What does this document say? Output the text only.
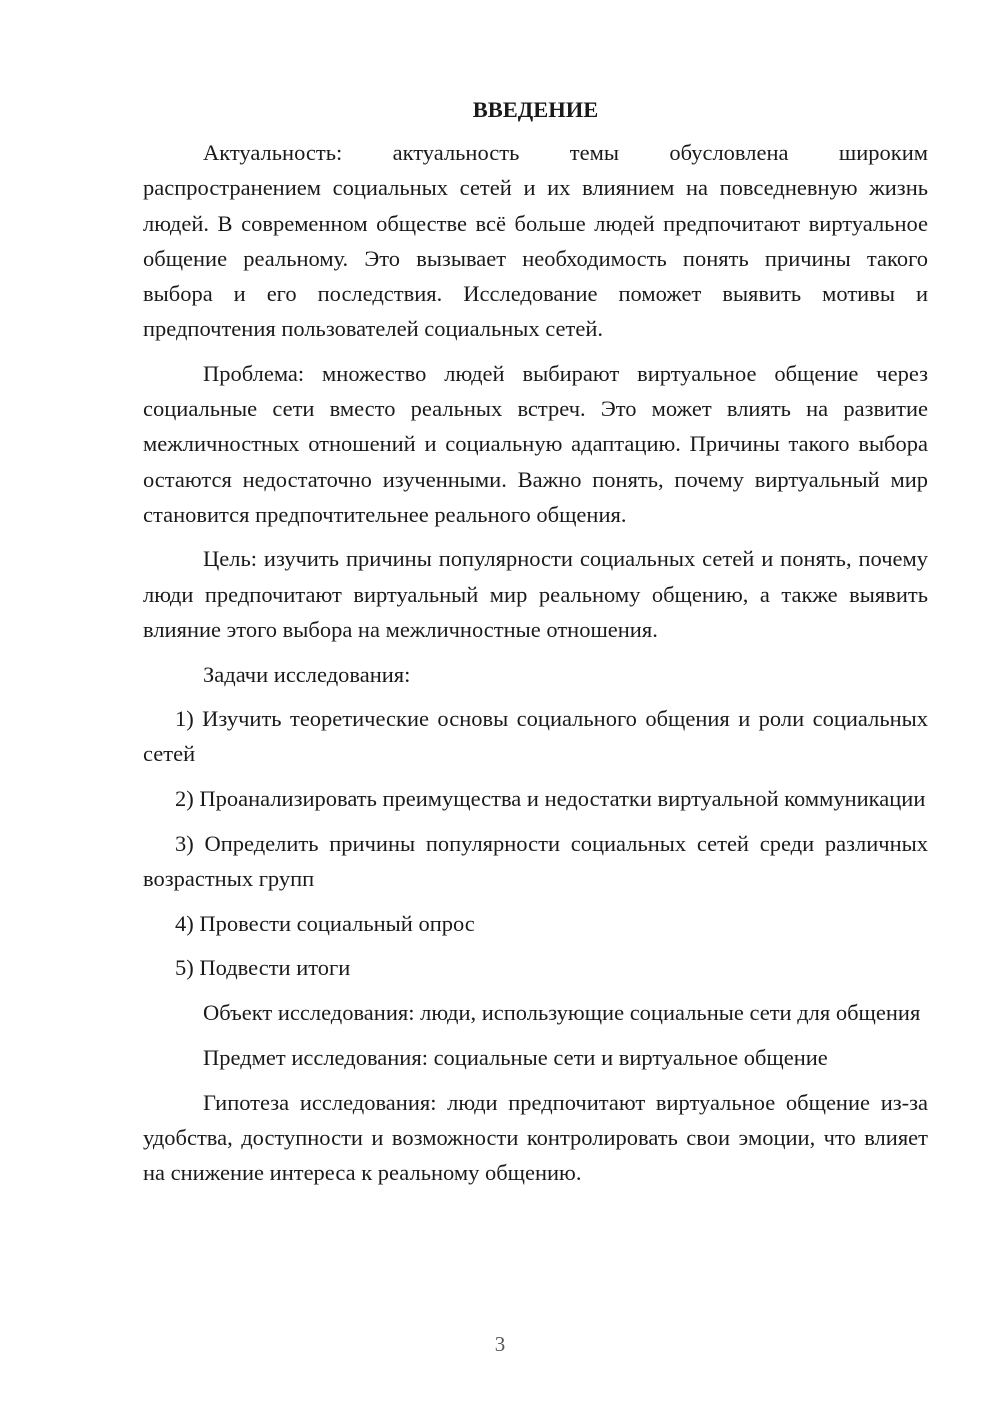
ВВЕДЕНИЕ

Актуальность: актуальность темы обусловлена широким распространением социальных сетей и их влиянием на повседневную жизнь людей. В современном обществе всё больше людей предпочитают виртуальное общение реальному. Это вызывает необходимость понять причины такого выбора и его последствия. Исследование поможет выявить мотивы и предпочтения пользователей социальных сетей.

Проблема: множество людей выбирают виртуальное общение через социальные сети вместо реальных встреч. Это может влиять на развитие межличностных отношений и социальную адаптацию. Причины такого выбора остаются недостаточно изученными. Важно понять, почему виртуальный мир становится предпочтительнее реального общения.

Цель: изучить причины популярности социальных сетей и понять, почему люди предпочитают виртуальный мир реальному общению, а также выявить влияние этого выбора на межличностные отношения.

Задачи исследования:

1) Изучить теоретические основы социального общения и роли социальных сетей

2) Проанализировать преимущества и недостатки виртуальной коммуникации

3) Определить причины популярности социальных сетей среди различных возрастных групп

4) Провести социальный опрос

5) Подвести итоги

Объект исследования: люди, использующие социальные сети для общения

Предмет исследования: социальные сети и виртуальное общение

Гипотеза исследования: люди предпочитают виртуальное общение из-за удобства, доступности и возможности контролировать свои эмоции, что влияет на снижение интереса к реальному общению.

3
